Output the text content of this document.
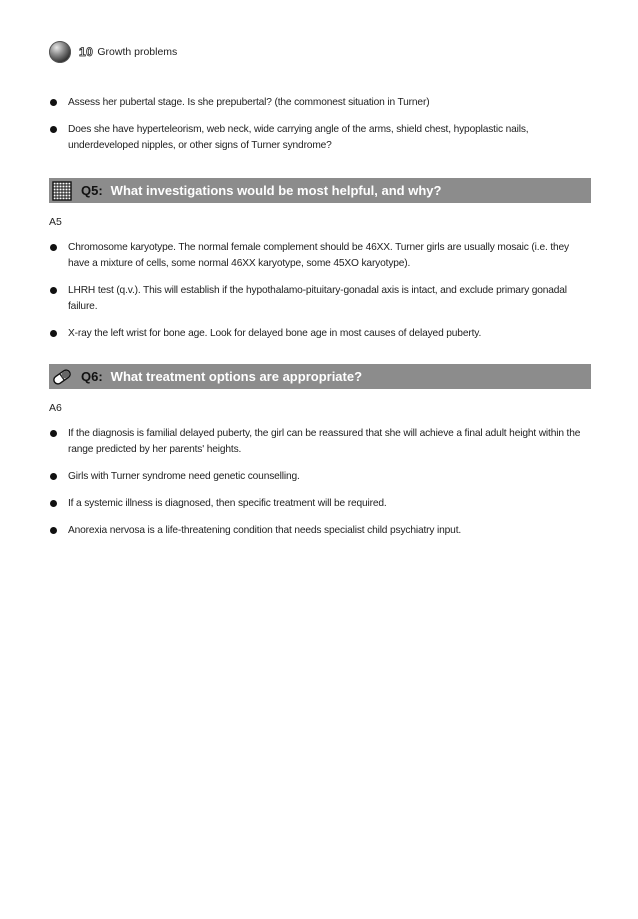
10 Growth problems
Assess her pubertal stage. Is she prepubertal? (the commonest situation in Turner)
Does she have hyperteleorism, web neck, wide carrying angle of the arms, shield chest, hypoplastic nails, underdeveloped nipples, or other signs of Turner syndrome?
Q5: What investigations would be most helpful, and why?
A5
Chromosome karyotype. The normal female complement should be 46XX. Turner girls are usually mosaic (i.e. they have a mixture of cells, some normal 46XX karyotype, some 45XO karyotype).
LHRH test (q.v.). This will establish if the hypothalamo-pituitary-gonadal axis is intact, and exclude primary gonadal failure.
X-ray the left wrist for bone age. Look for delayed bone age in most causes of delayed puberty.
Q6: What treatment options are appropriate?
A6
If the diagnosis is familial delayed puberty, the girl can be reassured that she will achieve a final adult height within the range predicted by her parents' heights.
Girls with Turner syndrome need genetic counselling.
If a systemic illness is diagnosed, then specific treatment will be required.
Anorexia nervosa is a life-threatening condition that needs specialist child psychiatry input.
